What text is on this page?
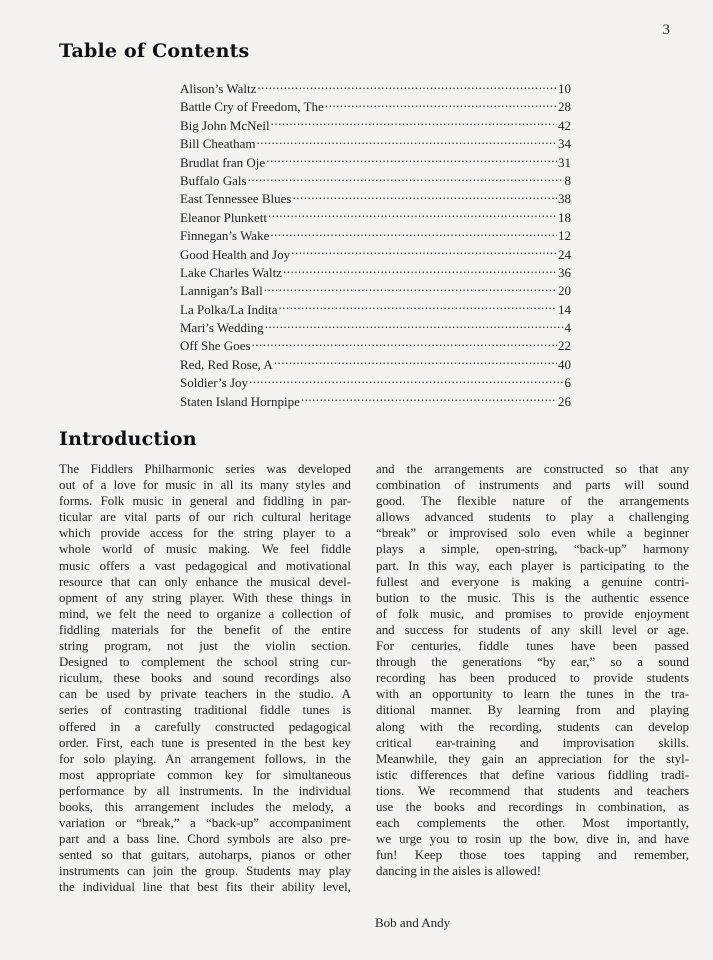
3
Table of Contents
Alison’s Waltz .....	10
Battle Cry of Freedom, The .....	28
Big John McNeil .....	42
Bill Cheatham .....	34
Brudlat fran Oje .....	31
Buffalo Gals .....	8
East Tennessee Blues .....	38
Eleanor Plunkett .....	18
Finnegan’s Wake .....	12
Good Health and Joy .....	24
Lake Charles Waltz .....	36
Lannigan’s Ball .....	20
La Polka/La Indita .....	14
Mari’s Wedding .....	4
Off She Goes .....	22
Red, Red Rose, A .....	40
Soldier’s Joy .....	6
Staten Island Hornpipe .....	26
Introduction
The Fiddlers Philharmonic series was developed
out of a love for music in all its many styles and
forms. Folk music in general and fiddling in par-
ticular are vital parts of our rich cultural heritage
which provide access for the string player to a
whole world of music making. We feel fiddle
music offers a vast pedagogical and motivational
resource that can only enhance the musical devel-
opment of any string player. With these things in
mind, we felt the need to organize a collection of
fiddling materials for the benefit of the entire
string program, not just the violin section.
Designed to complement the school string cur-
riculum, these books and sound recordings also
can be used by private teachers in the studio. A
series of contrasting traditional fiddle tunes is
offered in a carefully constructed pedagogical
order. First, each tune is presented in the best key
for solo playing. An arrangement follows, in the
most appropriate common key for simultaneous
performance by all instruments. In the individual
books, this arrangement includes the melody, a
variation or “break,” a “back-up” accompaniment
part and a bass line. Chord symbols are also pre-
sented so that guitars, autoharps, pianos or other
instruments can join the group. Students may play
the individual line that best fits their ability level,
and the arrangements are constructed so that any
combination of instruments and parts will sound
good. The flexible nature of the arrangements
allows advanced students to play a challenging
“break” or improvised solo even while a beginner
plays a simple, open-string, “back-up” harmony
part. In this way, each player is participating to the
fullest and everyone is making a genuine contri-
bution to the music. This is the authentic essence
of folk music, and promises to provide enjoyment
and success for students of any skill level or age.
For centuries, fiddle tunes have been passed
through the generations “by ear,” so a sound
recording has been produced to provide students
with an opportunity to learn the tunes in the tra-
ditional manner. By learning from and playing
along with the recording, students can develop
critical ear-training and improvisation skills.
Meanwhile, they gain an appreciation for the styl-
istic differences that define various fiddling tradi-
tions. We recommend that students and teachers
use the books and recordings in combination, as
each complements the other. Most importantly,
we urge you to rosin up the bow, dive in, and have
fun! Keep those toes tapping and remember,
dancing in the aisles is allowed!
Bob and Andy
